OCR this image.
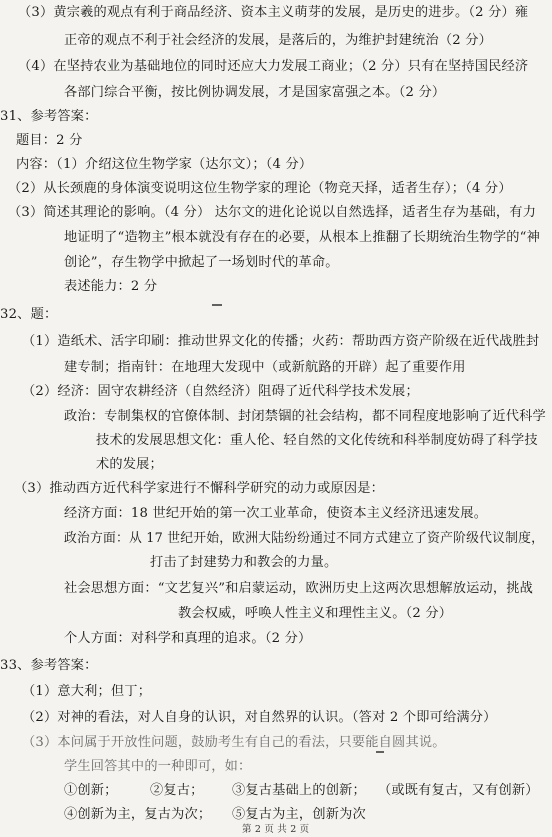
（3）黄宗羲的观点有利于商品经济、资本主义萌芽的发展，是历史的进步。（2 分）雍
正帝的观点不利于社会经济的发展，是落后的，为维护封建统治（2 分）
（4）在坚持农业为基础地位的同时还应大力发展工商业；（2 分）只有在坚持国民经济
各部门综合平衡，按比例协调发展，才是国家富强之本。（2 分）
31、参考答案：
题目：2 分
内容：（1）介绍这位生物学家（达尔文）；（4 分）
（2）从长颈鹿的身体演变说明这位生物学家的理论（物竞天择，适者生存）；（4 分）
（3）简述其理论的影响。（4 分） 达尔文的进化论说以自然选择，适者生存为基础，有力
地证明了“造物主”根本就没有存在的必要，从根本上推翻了长期统治生物学的“神
创论”，存生物学中掀起了一场划时代的革命。
表述能力：2 分
32、题：
（1）造纸术、活字印刷：推动世界文化的传播；火药：帮助西方资产阶级在近代战胜封
建专制；指南针：在地理大发现中（或新航路的开辟）起了重要作用
（2）经济：固守农耕经济（自然经济）阻碍了近代科学技术发展；
政治：专制集权的官僚体制、封闭禁锢的社会结构，都不同程度地影响了近代科学
技术的发展思想文化：重人伦、轻自然的文化传统和科举制度妨碍了科学技
术的发展；
（3）推动西方近代科学家进行不懈科学研究的动力或原因是：
经济方面：18 世纪开始的第一次工业革命，使资本主义经济迅速发展。
政治方面：从 17 世纪开始，欧洲大陆纷纷通过不同方式建立了资产阶级代议制度，
打击了封建势力和教会的力量。
社会思想方面：“文艺复兴”和启蒙运动，欧洲历史上这两次思想解放运动，挑战
教会权威，呼唤人性主义和理性主义。（2 分）
个人方面：对科学和真理的追求。（2 分）
33、参考答案：
（1）意大利；但丁；
（2）对神的看法，对人自身的认识，对自然界的认识。（答对 2 个即可给满分）
（3）本问属于开放性问题，鼓励考生有自己的看法，只要能自圆其说。
学生回答其中的一种即可，如：
①创新； ②复古； ③复古基础上的创新； （或既有复古，又有创新）
④创新为主，复古为次； ⑤复古为主，创新为次
第 2 页 共 2 页
